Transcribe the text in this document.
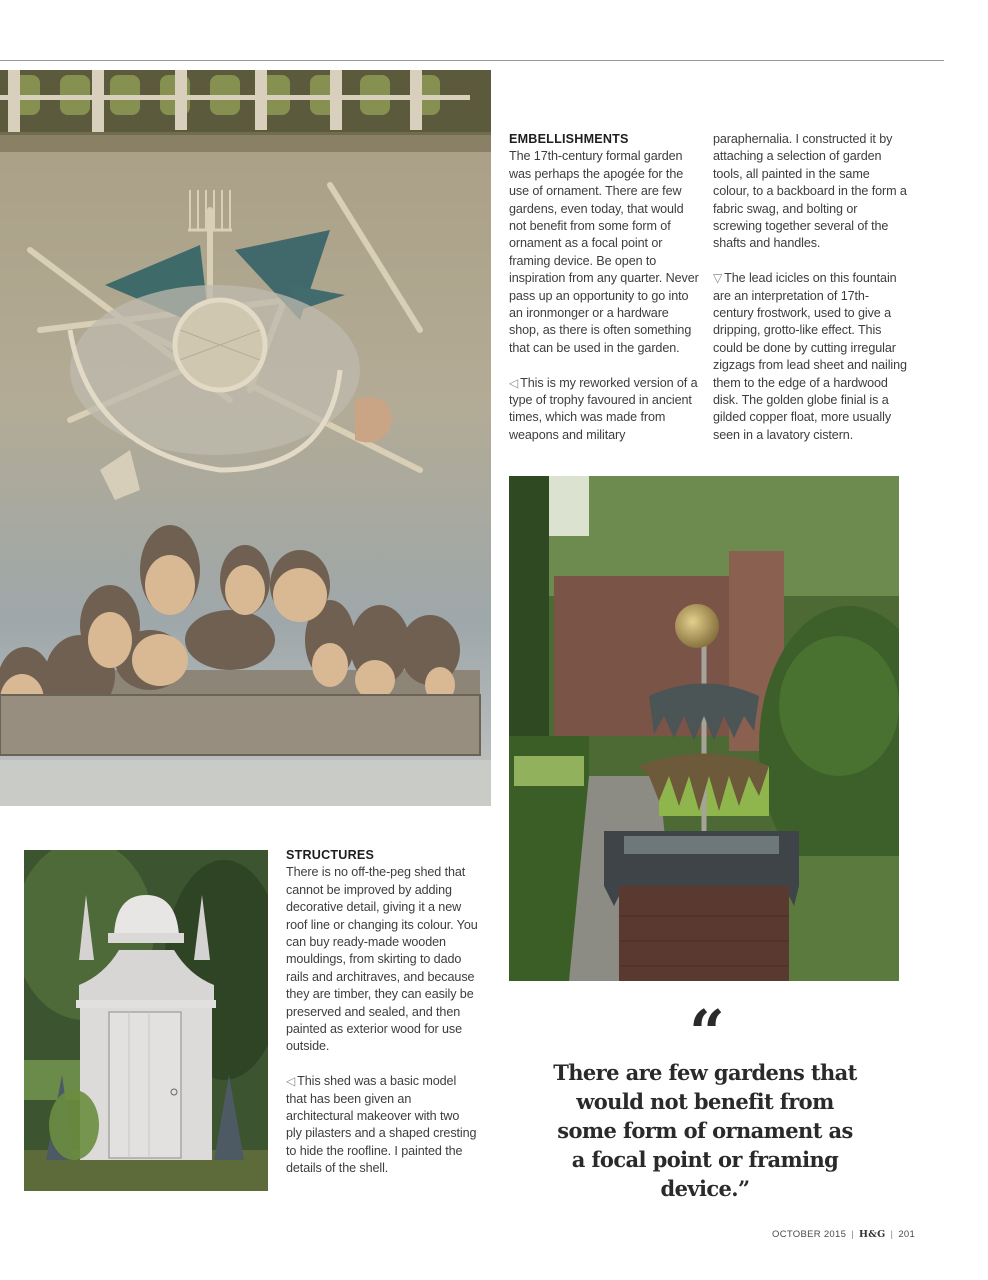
EMBELLISHMENTS
The 17th-century formal garden was perhaps the apogée for the use of ornament. There are few gardens, even today, that would not benefit from some form of ornament as a focal point or framing device. Be open to inspiration from any quarter. Never pass up an opportunity to go into an ironmonger or a hardware shop, as there is often something that can be used in the garden.

◁ This is my reworked version of a type of trophy favoured in ancient times, which was made from weapons and military

paraphernalia. I constructed it by attaching a selection of garden tools, all painted in the same colour, to a backboard in the form a fabric swag, and bolting or screwing together several of the shafts and handles.

▽ The lead icicles on this fountain are an interpretation of 17th-century frostwork, used to give a dripping, grotto-like effect. This could be done by cutting irregular zigzags from lead sheet and nailing them to the edge of a hardwood disk. The golden globe finial is a gilded copper float, more usually seen in a lavatory cistern.

STRUCTURES
There is no off-the-peg shed that cannot be improved by adding decorative detail, giving it a new roof line or changing its colour. You can buy ready-made wooden mouldings, from skirting to dado rails and architraves, and because they are timber, they can easily be preserved and sealed, and then painted as exterior wood for use outside.

◁ This shed was a basic model that has been given an architectural makeover with two ply pilasters and a shaped cresting to hide the roofline. I painted the details of the shell.

“
There are few gardens that would not benefit from some form of ornament as a focal point or framing device.”
OCTOBER 2015 | H&G | 201
